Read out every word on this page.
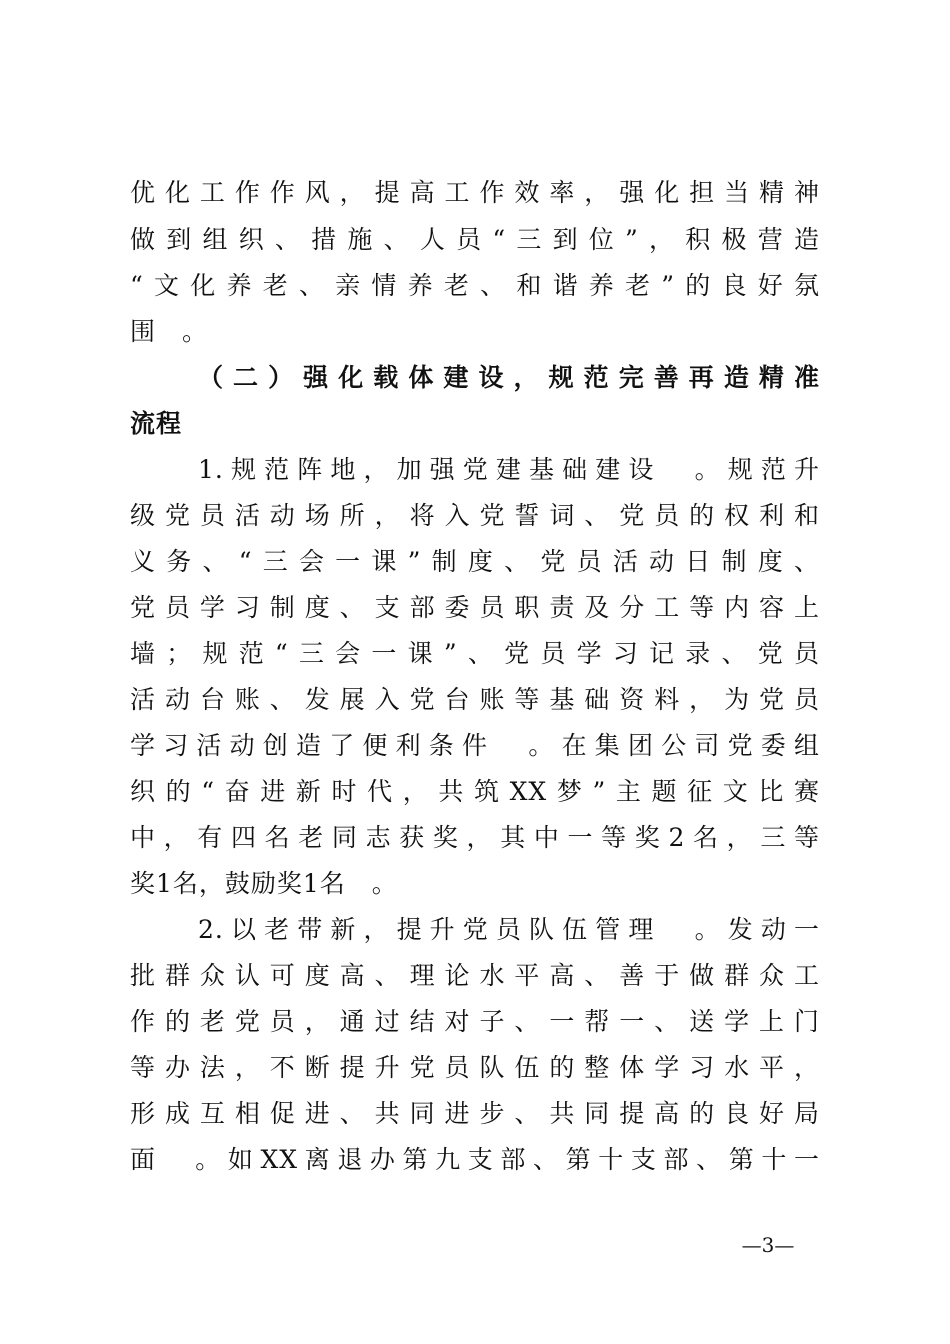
优化工作作风，提高工作效率，强化担当精神
做到组织、措施、人员“三到位”，积极营造
“文化养老、亲情养老、和谐养老”的良好氛
围　。
（二）强化载体建设，规范完善再造精准
流程
1.规范阵地，加强党建基础建设　。规范升
级党员活动场所，将入党誓词、党员的权利和
义务、“三会一课”制度、党员活动日制度、
党员学习制度、支部委员职责及分工等内容上
墙；规范“三会一课”、党员学习记录、党员
活动台账、发展入党台账等基础资料，为党员
学习活动创造了便利条件　。在集团公司党委组
织的“奋进新时代，共筑XX梦”主题征文比赛
中，有四名老同志获奖，其中一等奖2名，三等
奖1名，鼓励奖1名　。
2.以老带新，提升党员队伍管理　。发动一
批群众认可度高、理论水平高、善于做群众工
作的老党员，通过结对子、一帮一、送学上门
等办法，不断提升党员队伍的整体学习水平，
形成互相促进、共同进步、共同提高的良好局
面　。如XX离退办第九支部、第十支部、第十一
—3—
